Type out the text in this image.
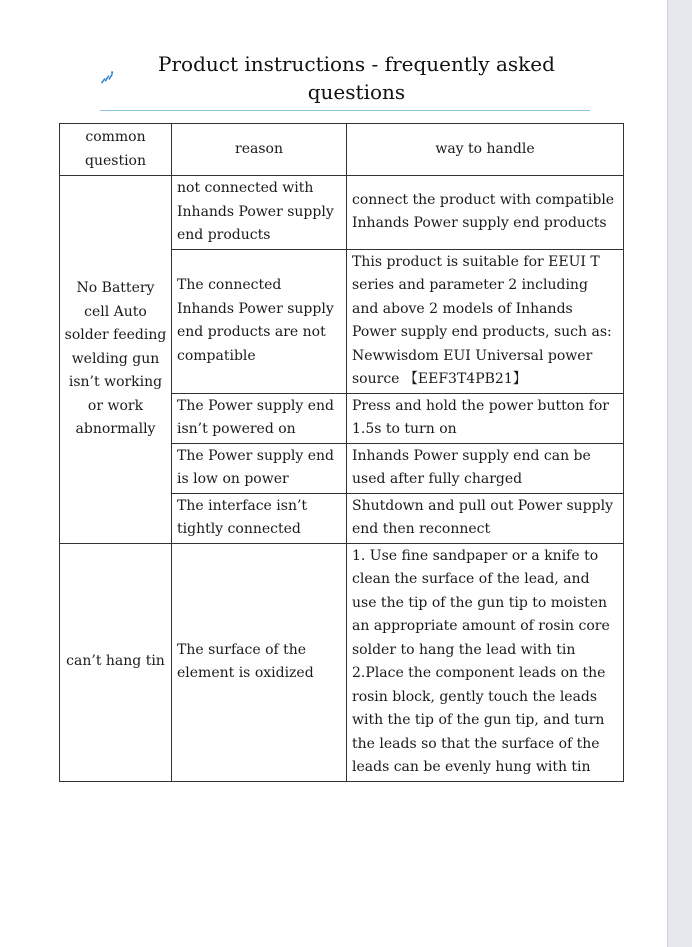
Product instructions - frequently asked questions
common question	reason	way to handle
No Battery cell Auto solder feeding welding gun isn’t working or work abnormally	not connected with Inhands Power supply end products	connect the product with compatible Inhands Power supply end products
	The connected Inhands Power supply end products are not compatible	This product is suitable for EEUI T series and parameter 2 including and above 2 models of Inhands Power supply end products, such as: Newwisdom EUI Universal power source 【EEF3T4PB21】
	The Power supply end isn’t powered on	Press and hold the power button for 1.5s to turn on
	The Power supply end is low on power	Inhands Power supply end can be used after fully charged
	The interface isn’t tightly connected	Shutdown and pull out Power supply end then reconnect
can’t hang tin	The surface of the element is oxidized	1. Use fine sandpaper or a knife to clean the surface of the lead, and use the tip of the gun tip to moisten an appropriate amount of rosin core solder to hang the lead with tin
2.Place the component leads on the rosin block, gently touch the leads with the tip of the gun tip, and turn the leads so that the surface of the leads can be evenly hung with tin
